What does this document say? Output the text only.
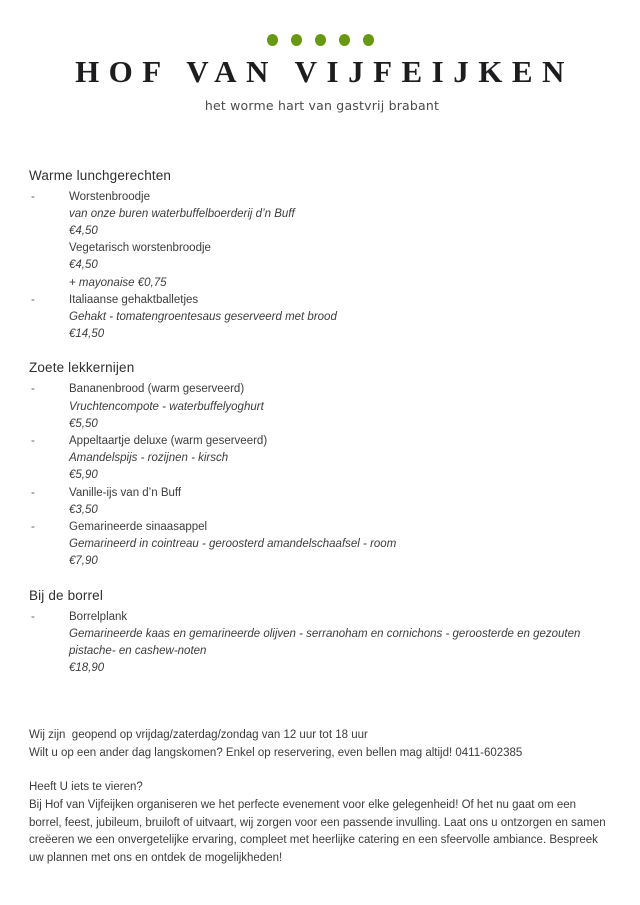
HOF VAN VIJFEIJKEN
het worme hart van gastvrij brabant
Warme lunchgerechten
-	Worstenbroodje
van onze buren waterbuffelboerderij d’n Buff
€4,50
Vegetarisch worstenbroodje
€4,50
+ mayonaise €0,75
-	Italiaanse gehaktballetjes
Gehakt - tomatengroentesaus geserveerd met brood
€14,50
Zoete lekkernijen
-	Bananenbrood (warm geserveerd)
Vruchtencompote - waterbuffelyoghurt
€5,50
-	Appeltaartje deluxe (warm geserveerd)
Amandelspijs - rozijnen - kirsch
€5,90
-	Vanille-ijs van d’n Buff
€3,50
-	Gemarineerde sinaasappel
Gemarineerd in cointreau - geroosterd amandelschaafsel - room
€7,90
Bij de borrel
-	Borrelplank
Gemarineerde kaas en gemarineerde olijven - serranoham en cornichons - geroosterde en gezouten pistache- en cashew-noten
€18,90
Wij zijn  geopend op vrijdag/zaterdag/zondag van 12 uur tot 18 uur
Wilt u op een ander dag langskomen? Enkel op reservering, even bellen mag altijd! 0411-602385
Heeft U iets te vieren?
Bij Hof van Vijfeijken organiseren we het perfecte evenement voor elke gelegenheid! Of het nu gaat om een borrel, feest, jubileum, bruiloft of uitvaart, wij zorgen voor een passende invulling. Laat ons u ontzorgen en samen creëeren we een onvergetelijke ervaring, compleet met heerlijke catering en een sfeervolle ambiance. Bespreek uw plannen met ons en ontdek de mogelijkheden!
